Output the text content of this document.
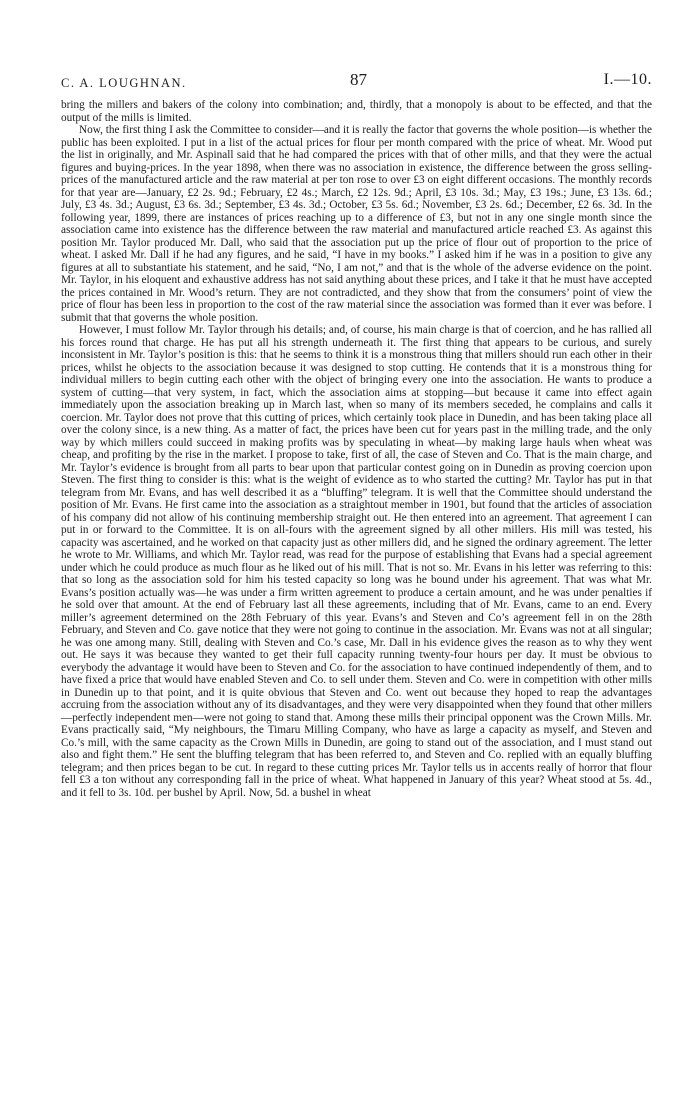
C. A. LOUGHNAN.	87	I.—10.

bring the millers and bakers of the colony into combination; and, thirdly, that a monopoly is about to be effected, and that the output of the mills is limited.

Now, the first thing I ask the Committee to consider—and it is really the factor that governs the whole position—is whether the public has been exploited. I put in a list of the actual prices for flour per month compared with the price of wheat. Mr. Wood put the list in originally, and Mr. Aspinall said that he had compared the prices with that of other mills, and that they were the actual figures and buying-prices. In the year 1898, when there was no association in existence, the difference between the gross selling-prices of the manufactured article and the raw material at per ton rose to over £3 on eight different occasions. The monthly records for that year are—January, £2 2s. 9d.; February, £2 4s.; March, £2 12s. 9d.; April, £3 10s. 3d.; May, £3 19s.; June, £3 13s. 6d.; July, £3 4s. 3d.; August, £3 6s. 3d.; September, £3 4s. 3d.; October, £3 5s. 6d.; November, £3 2s. 6d.; December, £2 6s. 3d. In the following year, 1899, there are instances of prices reaching up to a difference of £3, but not in any one single month since the association came into existence has the difference between the raw material and manufactured article reached £3. As against this position Mr. Taylor produced Mr. Dall, who said that the association put up the price of flour out of proportion to the price of wheat. I asked Mr. Dall if he had any figures, and he said, “I have in my books.” I asked him if he was in a position to give any figures at all to substantiate his statement, and he said, “No, I am not,” and that is the whole of the adverse evidence on the point. Mr. Taylor, in his eloquent and exhaustive address has not said anything about these prices, and I take it that he must have accepted the prices contained in Mr. Wood’s return. They are not contradicted, and they show that from the consumers’ point of view the price of flour has been less in proportion to the cost of the raw material since the association was formed than it ever was before. I submit that that governs the whole position.

However, I must follow Mr. Taylor through his details; and, of course, his main charge is that of coercion, and he has rallied all his forces round that charge. He has put all his strength underneath it. The first thing that appears to be curious, and surely inconsistent in Mr. Taylor’s position is this: that he seems to think it is a monstrous thing that millers should run each other in their prices, whilst he objects to the association because it was designed to stop cutting. He contends that it is a monstrous thing for individual millers to begin cutting each other with the object of bringing every one into the association. He wants to produce a system of cutting—that very system, in fact, which the association aims at stopping—but because it came into effect again immediately upon the association breaking up in March last, when so many of its members seceded, he complains and calls it coercion. Mr. Taylor does not prove that this cutting of prices, which certainly took place in Dunedin, and has been taking place all over the colony since, is a new thing. As a matter of fact, the prices have been cut for years past in the milling trade, and the only way by which millers could succeed in making profits was by speculating in wheat—by making large hauls when wheat was cheap, and profiting by the rise in the market. I propose to take, first of all, the case of Steven and Co. That is the main charge, and Mr. Taylor’s evidence is brought from all parts to bear upon that particular contest going on in Dunedin as proving coercion upon Steven. The first thing to consider is this: what is the weight of evidence as to who started the cutting? Mr. Taylor has put in that telegram from Mr. Evans, and has well described it as a “bluffing” telegram. It is well that the Committee should understand the position of Mr. Evans. He first came into the association as a straightout member in 1901, but found that the articles of association of his company did not allow of his continuing membership straight out. He then entered into an agreement. That agreement I can put in or forward to the Committee. It is on all-fours with the agreement signed by all other millers. His mill was tested, his capacity was ascertained, and he worked on that capacity just as other millers did, and he signed the ordinary agreement. The letter he wrote to Mr. Williams, and which Mr. Taylor read, was read for the purpose of establishing that Evans had a special agreement under which he could produce as much flour as he liked out of his mill. That is not so. Mr. Evans in his letter was referring to this: that so long as the association sold for him his tested capacity so long was he bound under his agreement. That was what Mr. Evans’s position actually was—he was under a firm written agreement to produce a certain amount, and he was under penalties if he sold over that amount. At the end of February last all these agreements, including that of Mr. Evans, came to an end. Every miller’s agreement determined on the 28th February of this year. Evans’s and Steven and Co’s agreement fell in on the 28th February, and Steven and Co. gave notice that they were not going to continue in the association. Mr. Evans was not at all singular; he was one among many. Still, dealing with Steven and Co.’s case, Mr. Dall in his evidence gives the reason as to why they went out. He says it was because they wanted to get their full capacity running twenty-four hours per day. It must be obvious to everybody the advantage it would have been to Steven and Co. for the association to have continued independently of them, and to have fixed a price that would have enabled Steven and Co. to sell under them. Steven and Co. were in competition with other mills in Dunedin up to that point, and it is quite obvious that Steven and Co. went out because they hoped to reap the advantages accruing from the association without any of its disadvantages, and they were very disappointed when they found that other millers—perfectly independent men—were not going to stand that. Among these mills their principal opponent was the Crown Mills. Mr. Evans practically said, “My neighbours, the Timaru Milling Company, who have as large a capacity as myself, and Steven and Co.’s mill, with the same capacity as the Crown Mills in Dunedin, are going to stand out of the association, and I must stand out also and fight them.” He sent the bluffing telegram that has been referred to, and Steven and Co. replied with an equally bluffing telegram; and then prices began to be cut. In regard to these cutting prices Mr. Taylor tells us in accents really of horror that flour fell £3 a ton without any corresponding fall in the price of wheat. What happened in January of this year? Wheat stood at 5s. 4d., and it fell to 3s. 10d. per bushel by April. Now, 5d. a bushel in wheat
